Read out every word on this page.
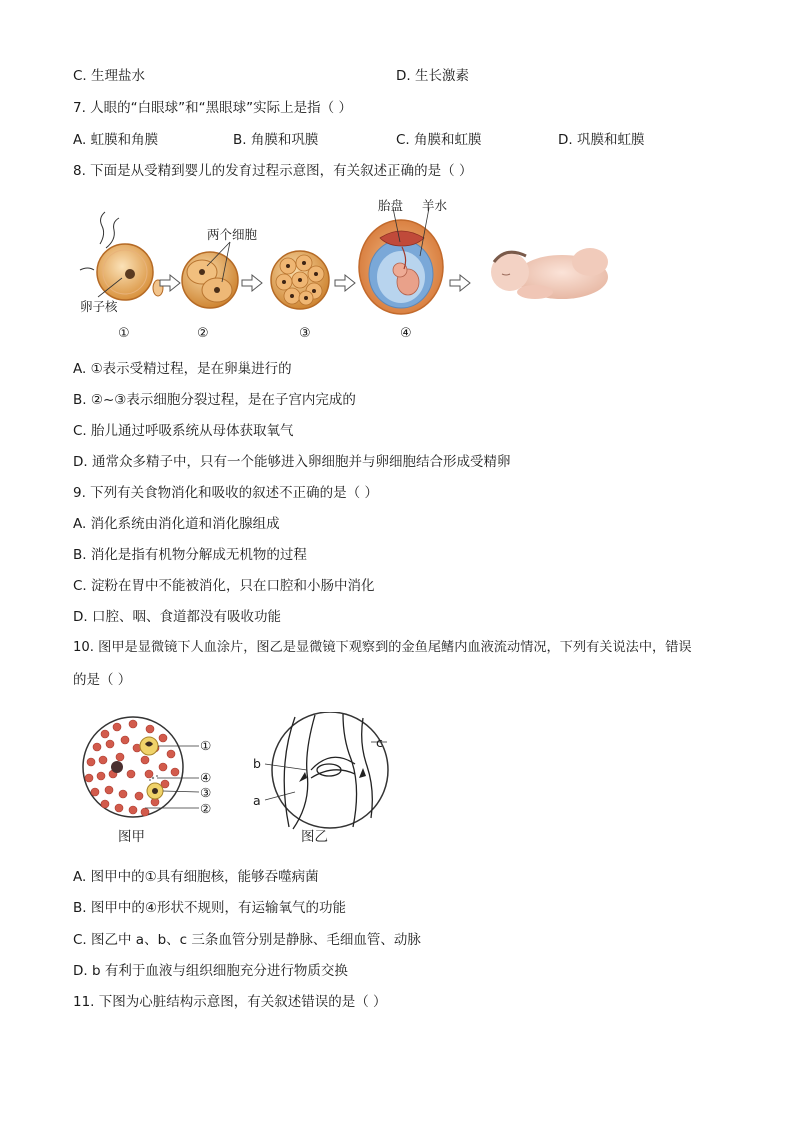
C. 生理盐水	D. 生长激素
7. 人眼的“白眼球”和“黑眼球”实际上是指（ ）
A. 虹膜和角膜	B. 角膜和巩膜	C. 角膜和虹膜	D. 巩膜和虹膜
8. 下面是从受精到婴儿的发育过程示意图，有关叙述正确的是（ ）
卵子核
两个细胞
胎盘 羊水
①	②	③	④
A. ①表示受精过程，是在卵巢进行的
B. ②~③表示细胞分裂过程，是在子宫内完成的
C. 胎儿通过呼吸系统从母体获取氧气
D. 通常众多精子中，只有一个能够进入卵细胞并与卵细胞结合形成受精卵
9. 下列有关食物消化和吸收的叙述不正确的是（ ）
A. 消化系统由消化道和消化腺组成
B. 消化是指有机物分解成无机物的过程
C. 淀粉在胃中不能被消化，只在口腔和小肠中消化
D. 口腔、咽、食道都没有吸收功能
10. 图甲是显微镜下人血涂片，图乙是显微镜下观察到的金鱼尾鳍内血液流动情况，下列有关说法中，错误
的是（ ）
①
④
③
②
图甲	图乙
b
a
c
A. 图甲中的①具有细胞核，能够吞噬病菌
B. 图甲中的④形状不规则，有运输氧气的功能
C. 图乙中 a、b、c 三条血管分别是静脉、毛细血管、动脉
D. b 有利于血液与组织细胞充分进行物质交换
11. 下图为心脏结构示意图，有关叙述错误的是（ ）
